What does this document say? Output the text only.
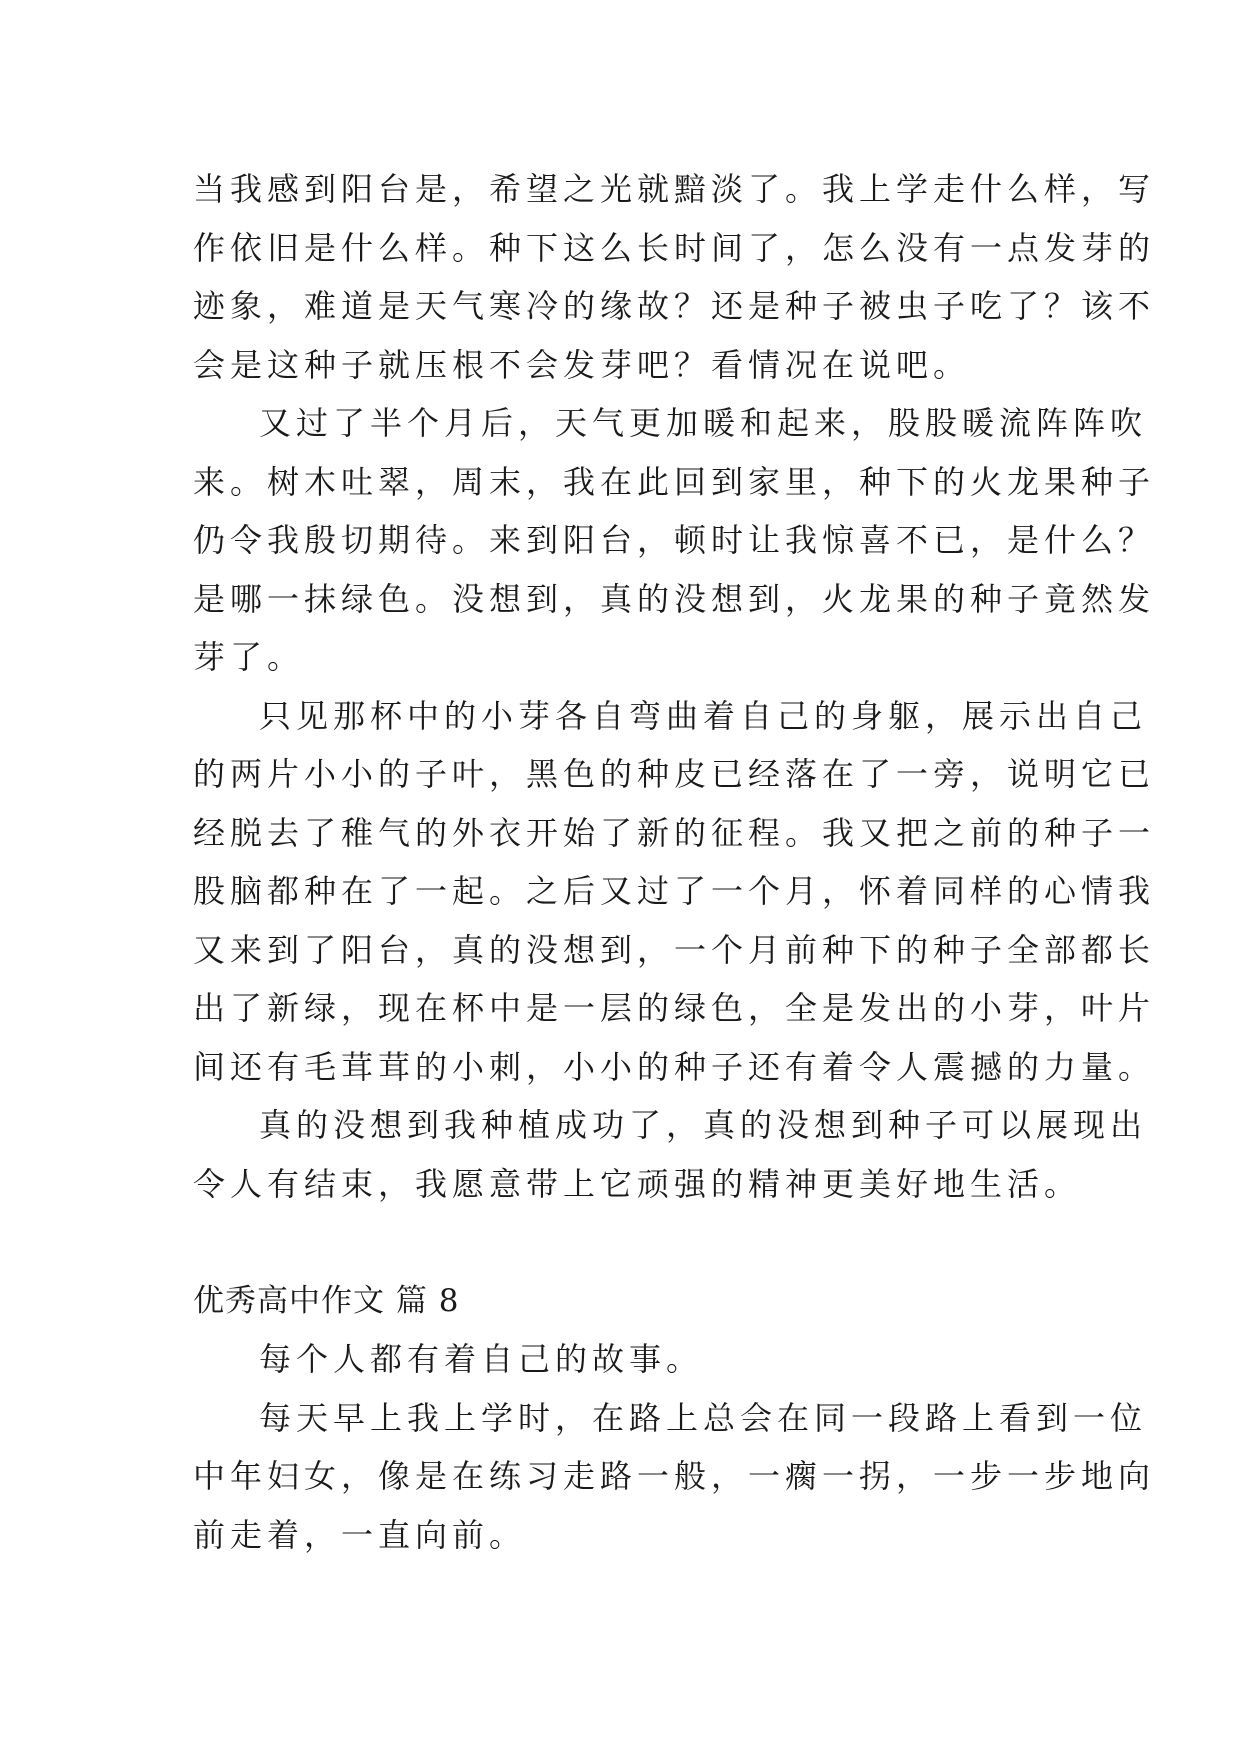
当我感到阳台是，希望之光就黯淡了。我上学走什么样，写
作依旧是什么样。种下这么长时间了，怎么没有一点发芽的
迹象，难道是天气寒冷的缘故？还是种子被虫子吃了？该不
会是这种子就压根不会发芽吧？看情况在说吧。
又过了半个月后，天气更加暖和起来，股股暖流阵阵吹
来。树木吐翠，周末，我在此回到家里，种下的火龙果种子
仍令我殷切期待。来到阳台，顿时让我惊喜不已，是什么？
是哪一抹绿色。没想到，真的没想到，火龙果的种子竟然发
芽了。
只见那杯中的小芽各自弯曲着自己的身躯，展示出自己
的两片小小的子叶，黑色的种皮已经落在了一旁，说明它已
经脱去了稚气的外衣开始了新的征程。我又把之前的种子一
股脑都种在了一起。之后又过了一个月，怀着同样的心情我
又来到了阳台，真的没想到，一个月前种下的种子全部都长
出了新绿，现在杯中是一层的绿色，全是发出的小芽，叶片
间还有毛茸茸的小刺，小小的种子还有着令人震撼的力量。
真的没想到我种植成功了，真的没想到种子可以展现出
令人有结束，我愿意带上它顽强的精神更美好地生活。
优秀高中作文 篇 8
每个人都有着自己的故事。
每天早上我上学时，在路上总会在同一段路上看到一位
中年妇女，像是在练习走路一般，一瘸一拐，一步一步地向
前走着，一直向前。
